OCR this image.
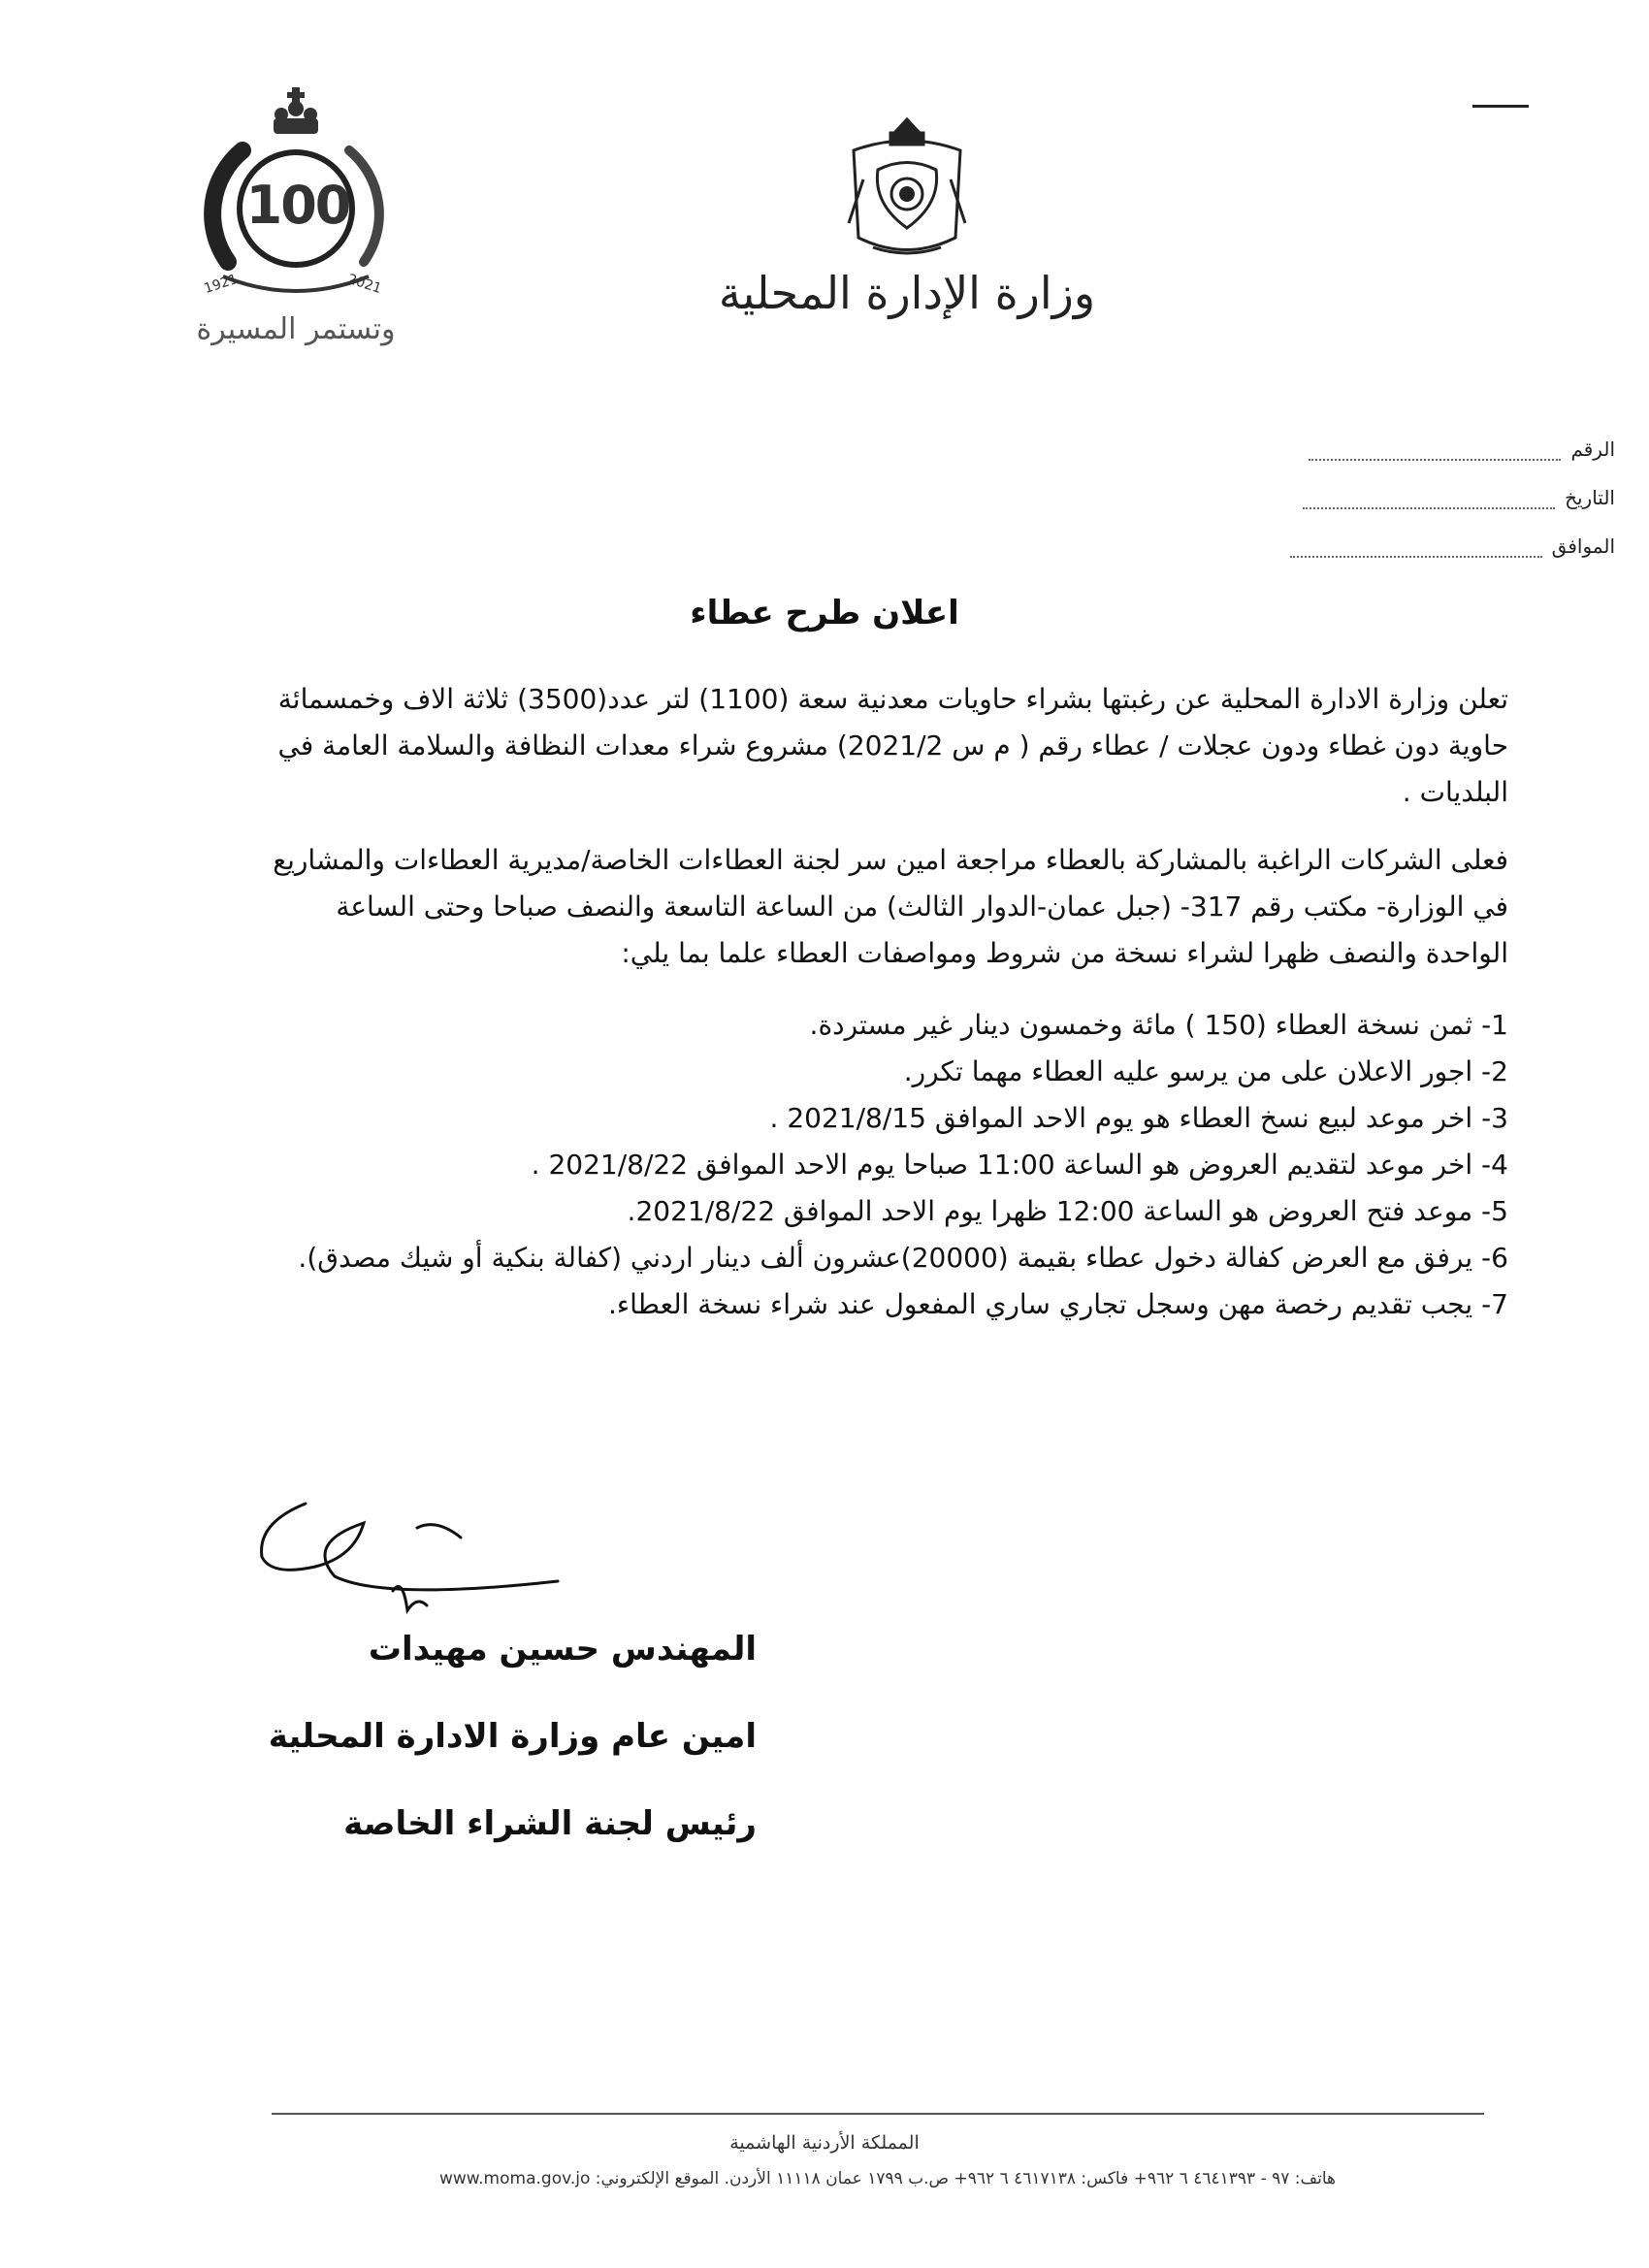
100
1921	2021
وتستمر المسيرة
وزارة الإدارة المحلية
الرقم
التاريخ
الموافق
اعلان طرح عطاء

تعلن وزارة الادارة المحلية عن رغبتها بشراء حاويات معدنية سعة (1100) لتر عدد(3500) ثلاثة الاف وخمسمائة حاوية دون غطاء ودون عجلات / عطاء رقم ( م س 2021/2) مشروع شراء معدات النظافة والسلامة العامة في البلديات .

فعلى الشركات الراغبة بالمشاركة بالعطاء مراجعة امين سر لجنة العطاءات الخاصة/مديرية العطاءات والمشاريع في الوزارة- مكتب رقم 317- (جبل عمان-الدوار الثالث) من الساعة التاسعة والنصف صباحا وحتى الساعة الواحدة والنصف ظهرا لشراء نسخة من شروط ومواصفات العطاء علما بما يلي:

1- ثمن نسخة العطاء (150 ) مائة وخمسون دينار غير مستردة.
2- اجور الاعلان على من يرسو عليه العطاء مهما تكرر.
3- اخر موعد لبيع نسخ العطاء هو يوم الاحد الموافق 2021/8/15 .
4- اخر موعد لتقديم العروض هو الساعة 11:00 صباحا يوم الاحد الموافق 2021/8/22 .
5- موعد فتح العروض هو الساعة 12:00 ظهرا يوم الاحد الموافق 2021/8/22.
6- يرفق مع العرض كفالة دخول عطاء بقيمة (20000)عشرون ألف دينار اردني (كفالة بنكية أو شيك مصدق).
7- يجب تقديم رخصة مهن وسجل تجاري ساري المفعول عند شراء نسخة العطاء.
المهندس حسين مهيدات
امين عام وزارة الادارة المحلية
رئيس لجنة الشراء الخاصة
المملكة الأردنية الهاشمية
هاتف: ٩٧ - ٤٦٤١٣٩٣ ٦ ٩٦٢+ فاكس: ٤٦١٧١٣٨ ٦ ٩٦٢+ ص.ب ١٧٩٩ عمان ١١١١٨ الأردن. الموقع الإلكتروني: www.moma.gov.jo
